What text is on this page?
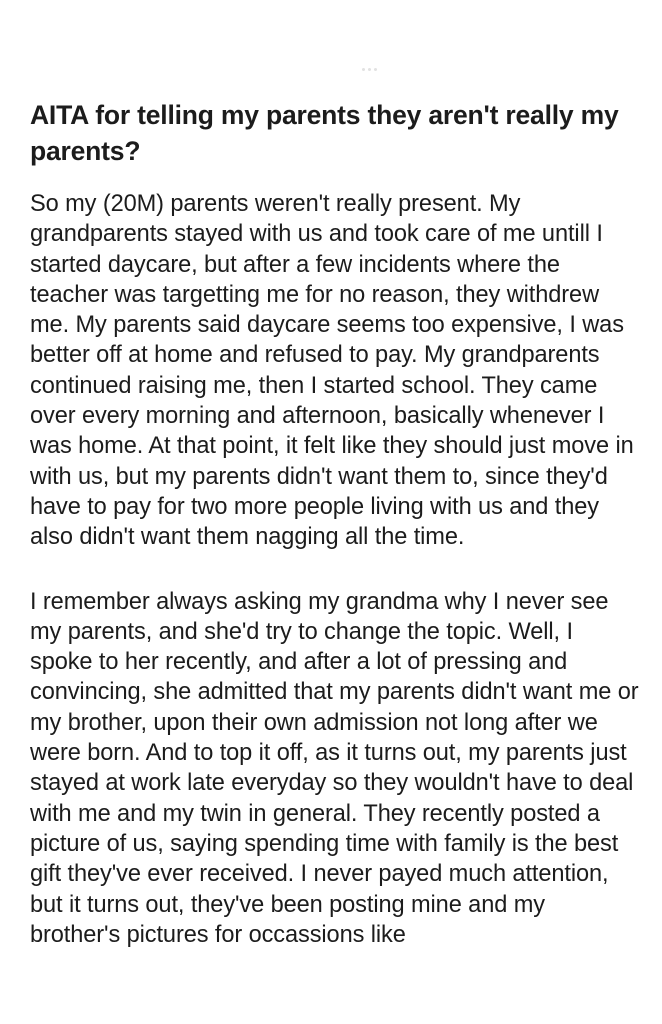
AITA for telling my parents they aren't really my parents?

So my (20M) parents weren't really present. My grandparents stayed with us and took care of me untill I started daycare, but after a few incidents where the teacher was targetting me for no reason, they withdrew me. My parents said daycare seems too expensive, I was better off at home and refused to pay. My grandparents continued raising me, then I started school. They came over every morning and afternoon, basically whenever I was home. At that point, it felt like they should just move in with us, but my parents didn't want them to, since they'd have to pay for two more people living with us and they also didn't want them nagging all the time.

I remember always asking my grandma why I never see my parents, and she'd try to change the topic. Well, I spoke to her recently, and after a lot of pressing and convincing, she admitted that my parents didn't want me or my brother, upon their own admission not long after we were born. And to top it off, as it turns out, my parents just stayed at work late everyday so they wouldn't have to deal with me and my twin in general. They recently posted a picture of us, saying spending time with family is the best gift they've ever received. I never payed much attention, but it turns out, they've been posting mine and my brother's pictures for occassions like
